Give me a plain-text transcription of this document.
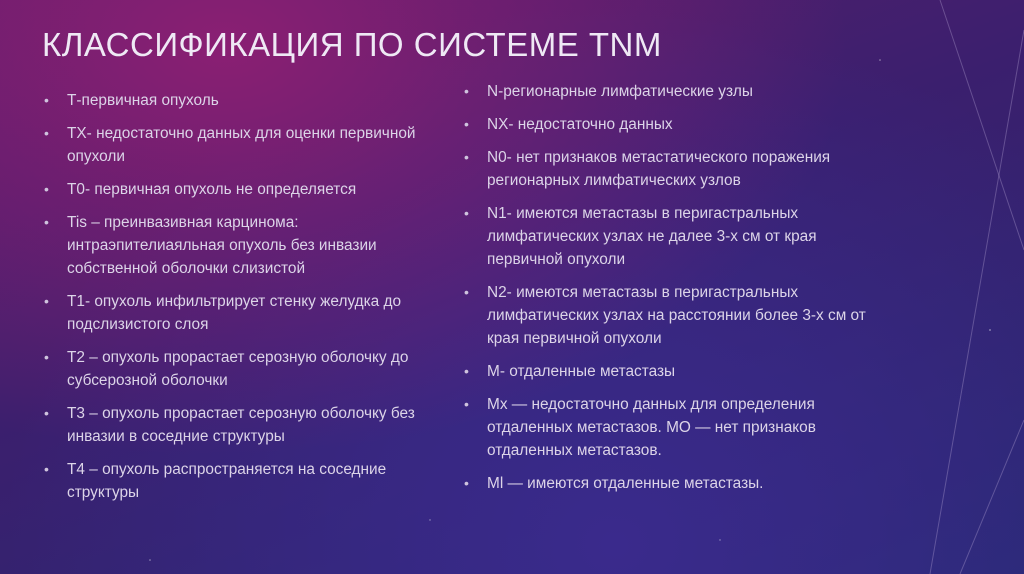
КЛАССИФИКАЦИЯ ПО СИСТЕМЕ TNM
• Т-первичная опухоль
• ТХ- недостаточно данных для оценки первичной опухоли
• Т0- первичная опухоль не определяется
• Tis – преинвазивная карцинома: интраэпителиаяльная опухоль без инвазии собственной оболочки слизистой
• Т1- опухоль инфильтрирует стенку желудка до подслизистого слоя
• Т2 – опухоль прорастает серозную оболочку до субсерозной оболочки
• Т3 – опухоль прорастает серозную оболочку без инвазии в соседние структуры
• Т4 – опухоль распространяется на соседние структуры
• N-регионарные лимфатические узлы
• NX- недостаточно данных
• N0- нет признаков метастатического поражения регионарных лимфатических узлов
• N1- имеются метастазы в перигастральных лимфатических узлах не далее 3-х см от края первичной опухоли
• N2- имеются метастазы в перигастральных лимфатических узлах на расстоянии более 3-х см от края первичной опухоли
• М- отдаленные метастазы
• Мх — недостаточно данных для определения отдаленных метастазов. МО — нет признаков отдаленных метастазов.
• Ml — имеются отдаленные метастазы.
